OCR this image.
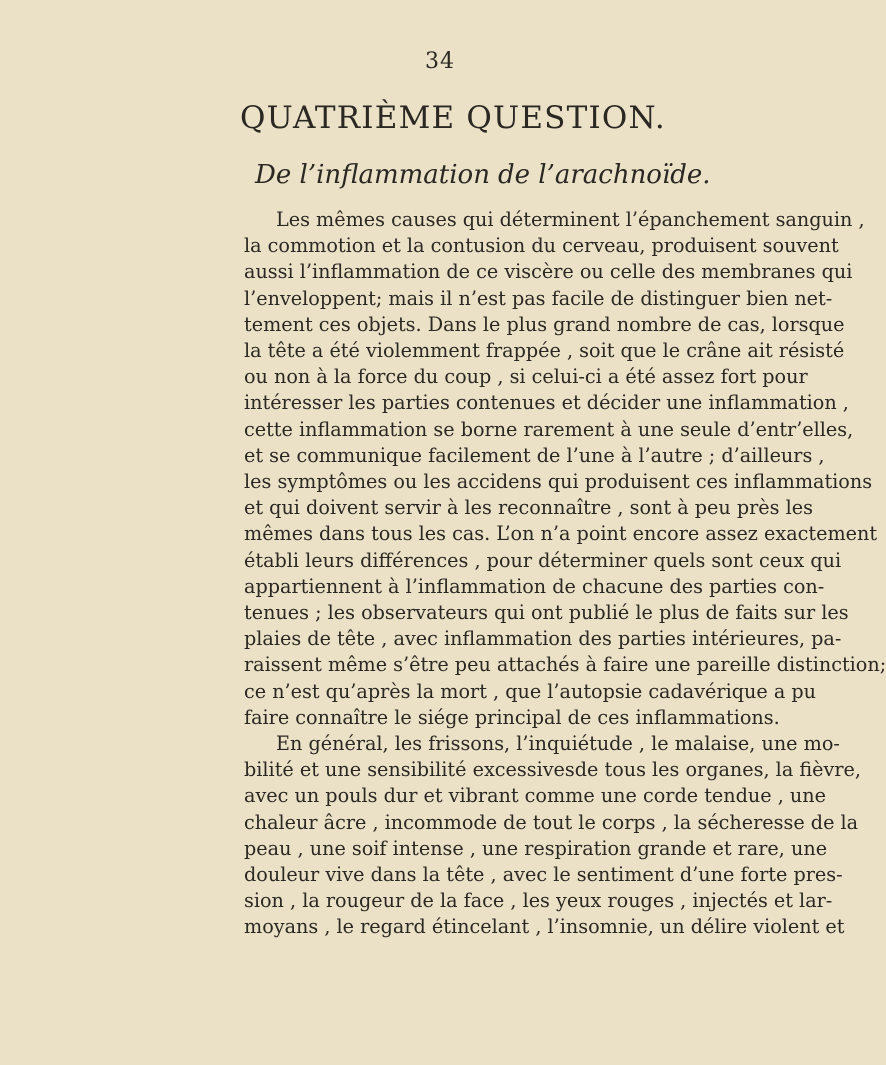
34
QUATRIÈME QUESTION.
De l’inflammation de l’arachnoïde.
Les mêmes causes qui déterminent l’épanchement sanguin ,
la commotion et la contusion du cerveau, produisent souvent
aussi l’inflammation de ce viscère ou celle des membranes qui
l’enveloppent; mais il n’est pas facile de distinguer bien net-
tement ces objets. Dans le plus grand nombre de cas, lorsque
la tête a été violemment frappée , soit que le crâne ait résisté
ou non à la force du coup , si celui-ci a été assez fort pour
intéresser les parties contenues et décider une inflammation ,
cette inflammation se borne rarement à une seule d’entr’elles,
et se communique facilement de l’une à l’autre ; d’ailleurs ,
les symptômes ou les accidens qui produisent ces inflammations
et qui doivent servir à les reconnaître , sont à peu près les
mêmes dans tous les cas. L’on n’a point encore assez exactement
établi leurs différences , pour déterminer quels sont ceux qui
appartiennent à l’inflammation de chacune des parties con-
tenues ; les observateurs qui ont publié le plus de faits sur les
plaies de tête , avec inflammation des parties intérieures, pa-
raissent même s’être peu attachés à faire une pareille distinction;
ce n’est qu’après la mort , que l’autopsie cadavérique a pu
faire connaître le siége principal de ces inflammations.
En général, les frissons, l’inquiétude , le malaise, une mo-
bilité et une sensibilité excessivesde tous les organes, la fièvre,
avec un pouls dur et vibrant comme une corde tendue , une
chaleur âcre , incommode de tout le corps , la sécheresse de la
peau , une soif intense , une respiration grande et rare, une
douleur vive dans la tête , avec le sentiment d’une forte pres-
sion , la rougeur de la face , les yeux rouges , injectés et lar-
moyans , le regard étincelant , l’insomnie, un délire violent et
